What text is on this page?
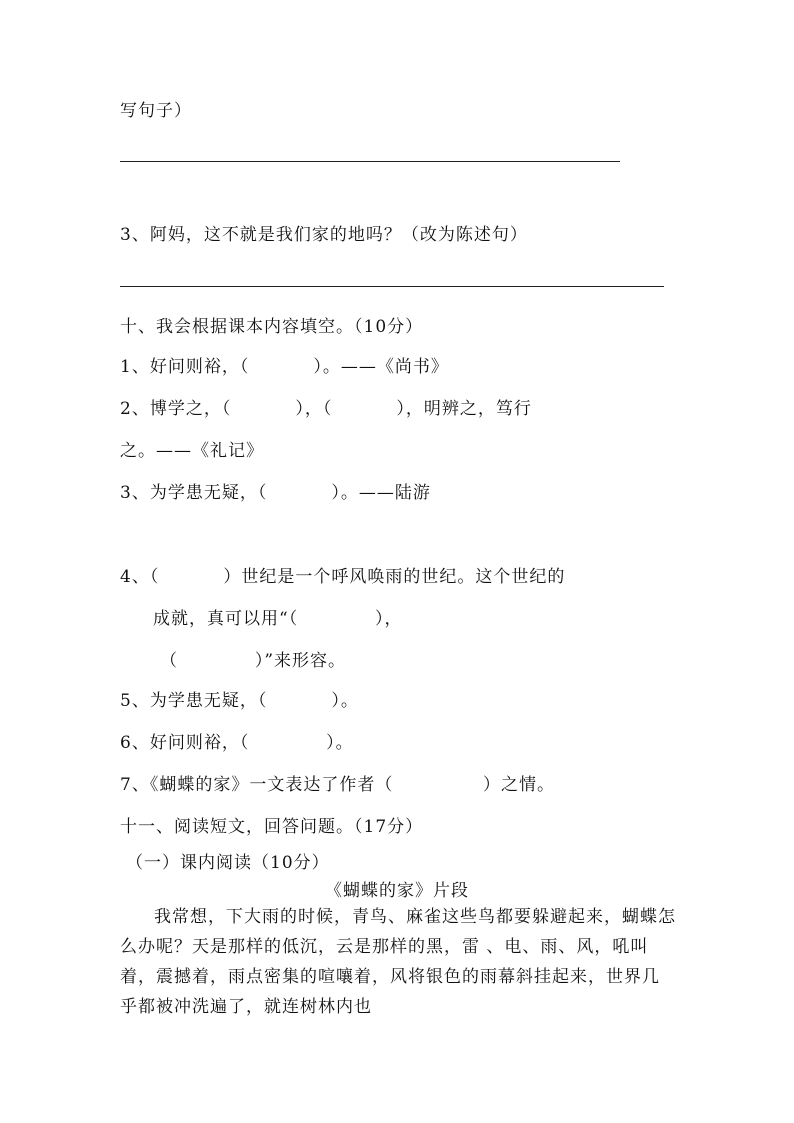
写句子）
3、阿妈，这不就是我们家的地吗？（改为陈述句）
十、我会根据课本内容填空。（10分）
1、好问则裕，（          ）。——《尚书》
2、博学之，（          ），（          ），明辨之，笃行
之。——《礼记》
3、为学患无疑，（          ）。——陆游
4、（          ）世纪是一个呼风唤雨的世纪。这个世纪的
成就，真可以用“（            ），
（            ）”来形容。
5、为学患无疑，（          ）。
6、好问则裕，（            ）。
7、《蝴蝶的家》一文表达了作者（              ）之情。
十一、阅读短文，回答问题。（17分）
（一）课内阅读（10分）
《蝴蝶的家》片段
我常想，下大雨的时候，青鸟、麻雀这些鸟都要躲避起来，蝴蝶怎么办呢？天是那样的低沉，云是那样的黑，雷 、电、雨、风，吼叫着，震撼着，雨点密集的喧嚷着，风将银色的雨幕斜挂起来，世界几乎都被冲洗遍了，就连树林内也
